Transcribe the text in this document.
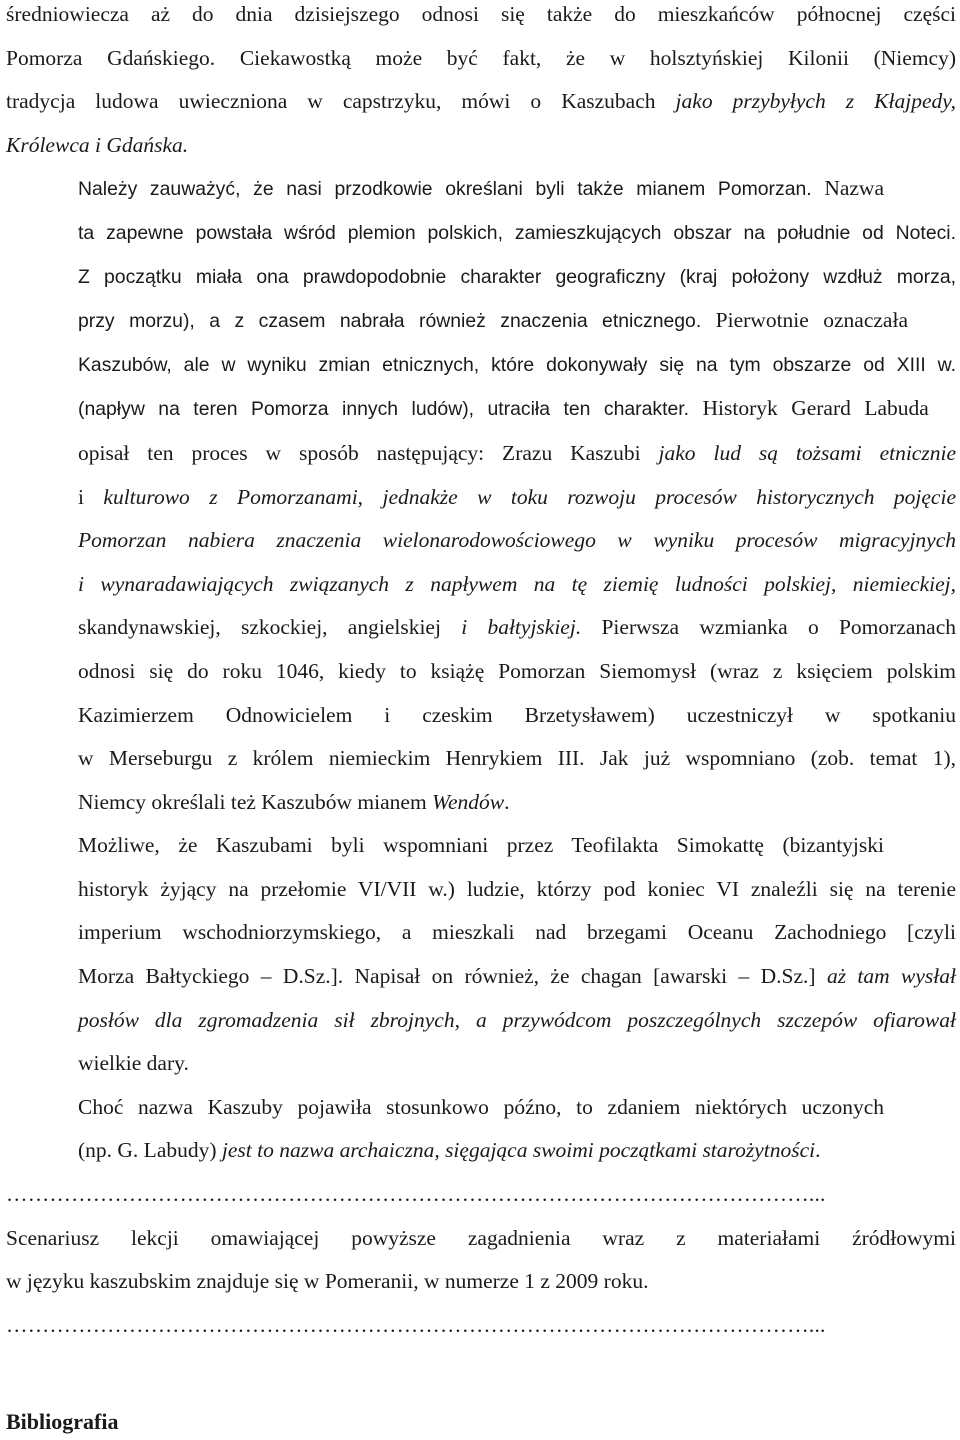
średniowiecza aż do dnia dzisiejszego odnosi się także do mieszkańców północnej części
Pomorza Gdańskiego. Ciekawostką może być fakt, że w holsztyńskiej Kilonii (Niemcy)
tradycja ludowa uwieczniona w capstrzyku, mówi o Kaszubach jako przybyłych z Kłajpedy,
Królewca i Gdańska.

Należy zauważyć, że nasi przodkowie określani byli także mianem Pomorzan. Nazwa
ta zapewne powstała wśród plemion polskich, zamieszkujących obszar na południe od Noteci.
Z początku miała ona prawdopodobnie charakter geograficzny (kraj położony wzdłuż morza,
przy morzu), a z czasem nabrała również znaczenia etnicznego. Pierwotnie oznaczała
Kaszubów, ale w wyniku zmian etnicznych, które dokonywały się na tym obszarze od XIII w.
(napływ na teren Pomorza innych ludów), utraciła ten charakter. Historyk Gerard Labuda
opisał ten proces w sposób następujący: Zrazu Kaszubi jako lud są tożsami etnicznie
i kulturowo z Pomorzanami, jednakże w toku rozwoju procesów historycznych pojęcie
Pomorzan nabiera znaczenia wielonarodowościowego w wyniku procesów migracyjnych
i wynaradawiających związanych z napływem na tę ziemię ludności polskiej, niemieckiej,
skandynawskiej, szkockiej, angielskiej i bałtyjskiej. Pierwsza wzmianka o Pomorzanach
odnosi się do roku 1046, kiedy to książę Pomorzan Siemomysł (wraz z księciem polskim
Kazimierzem Odnowicielem i czeskim Brzetysławem) uczestniczył w spotkaniu
w Merseburgu z królem niemieckim Henrykiem III. Jak już wspomniano (zob. temat 1),
Niemcy określali też Kaszubów mianem Wendów.

Możliwe, że Kaszubami byli wspomniani przez Teofilakta Simokattę (bizantyjski
historyk żyjący na przełomie VI/VII w.) ludzie, którzy pod koniec VI znaleźli się na terenie
imperium wschodniorzymskiego, a mieszkali nad brzegami Oceanu Zachodniego [czyli
Morza Bałtyckiego – D.Sz.]. Napisał on również, że chagan [awarski – D.Sz.] aż tam wysłał
posłów dla zgromadzenia sił zbrojnych, a przywódcom poszczególnych szczepów ofiarował
wielkie dary.

Choć nazwa Kaszuby pojawiła stosunkowo późno, to zdaniem niektórych uczonych
(np. G. Labudy) jest to nazwa archaiczna, sięgająca swoimi początkami starożytności.

…………………………………………………………………………………………………...

Scenariusz lekcji omawiającej powyższe zagadnienia wraz z materiałami źródłowymi
w języku kaszubskim znajduje się w Pomeranii, w numerze 1 z 2009 roku.

…………………………………………………………………………………………………...

Bibliografia
